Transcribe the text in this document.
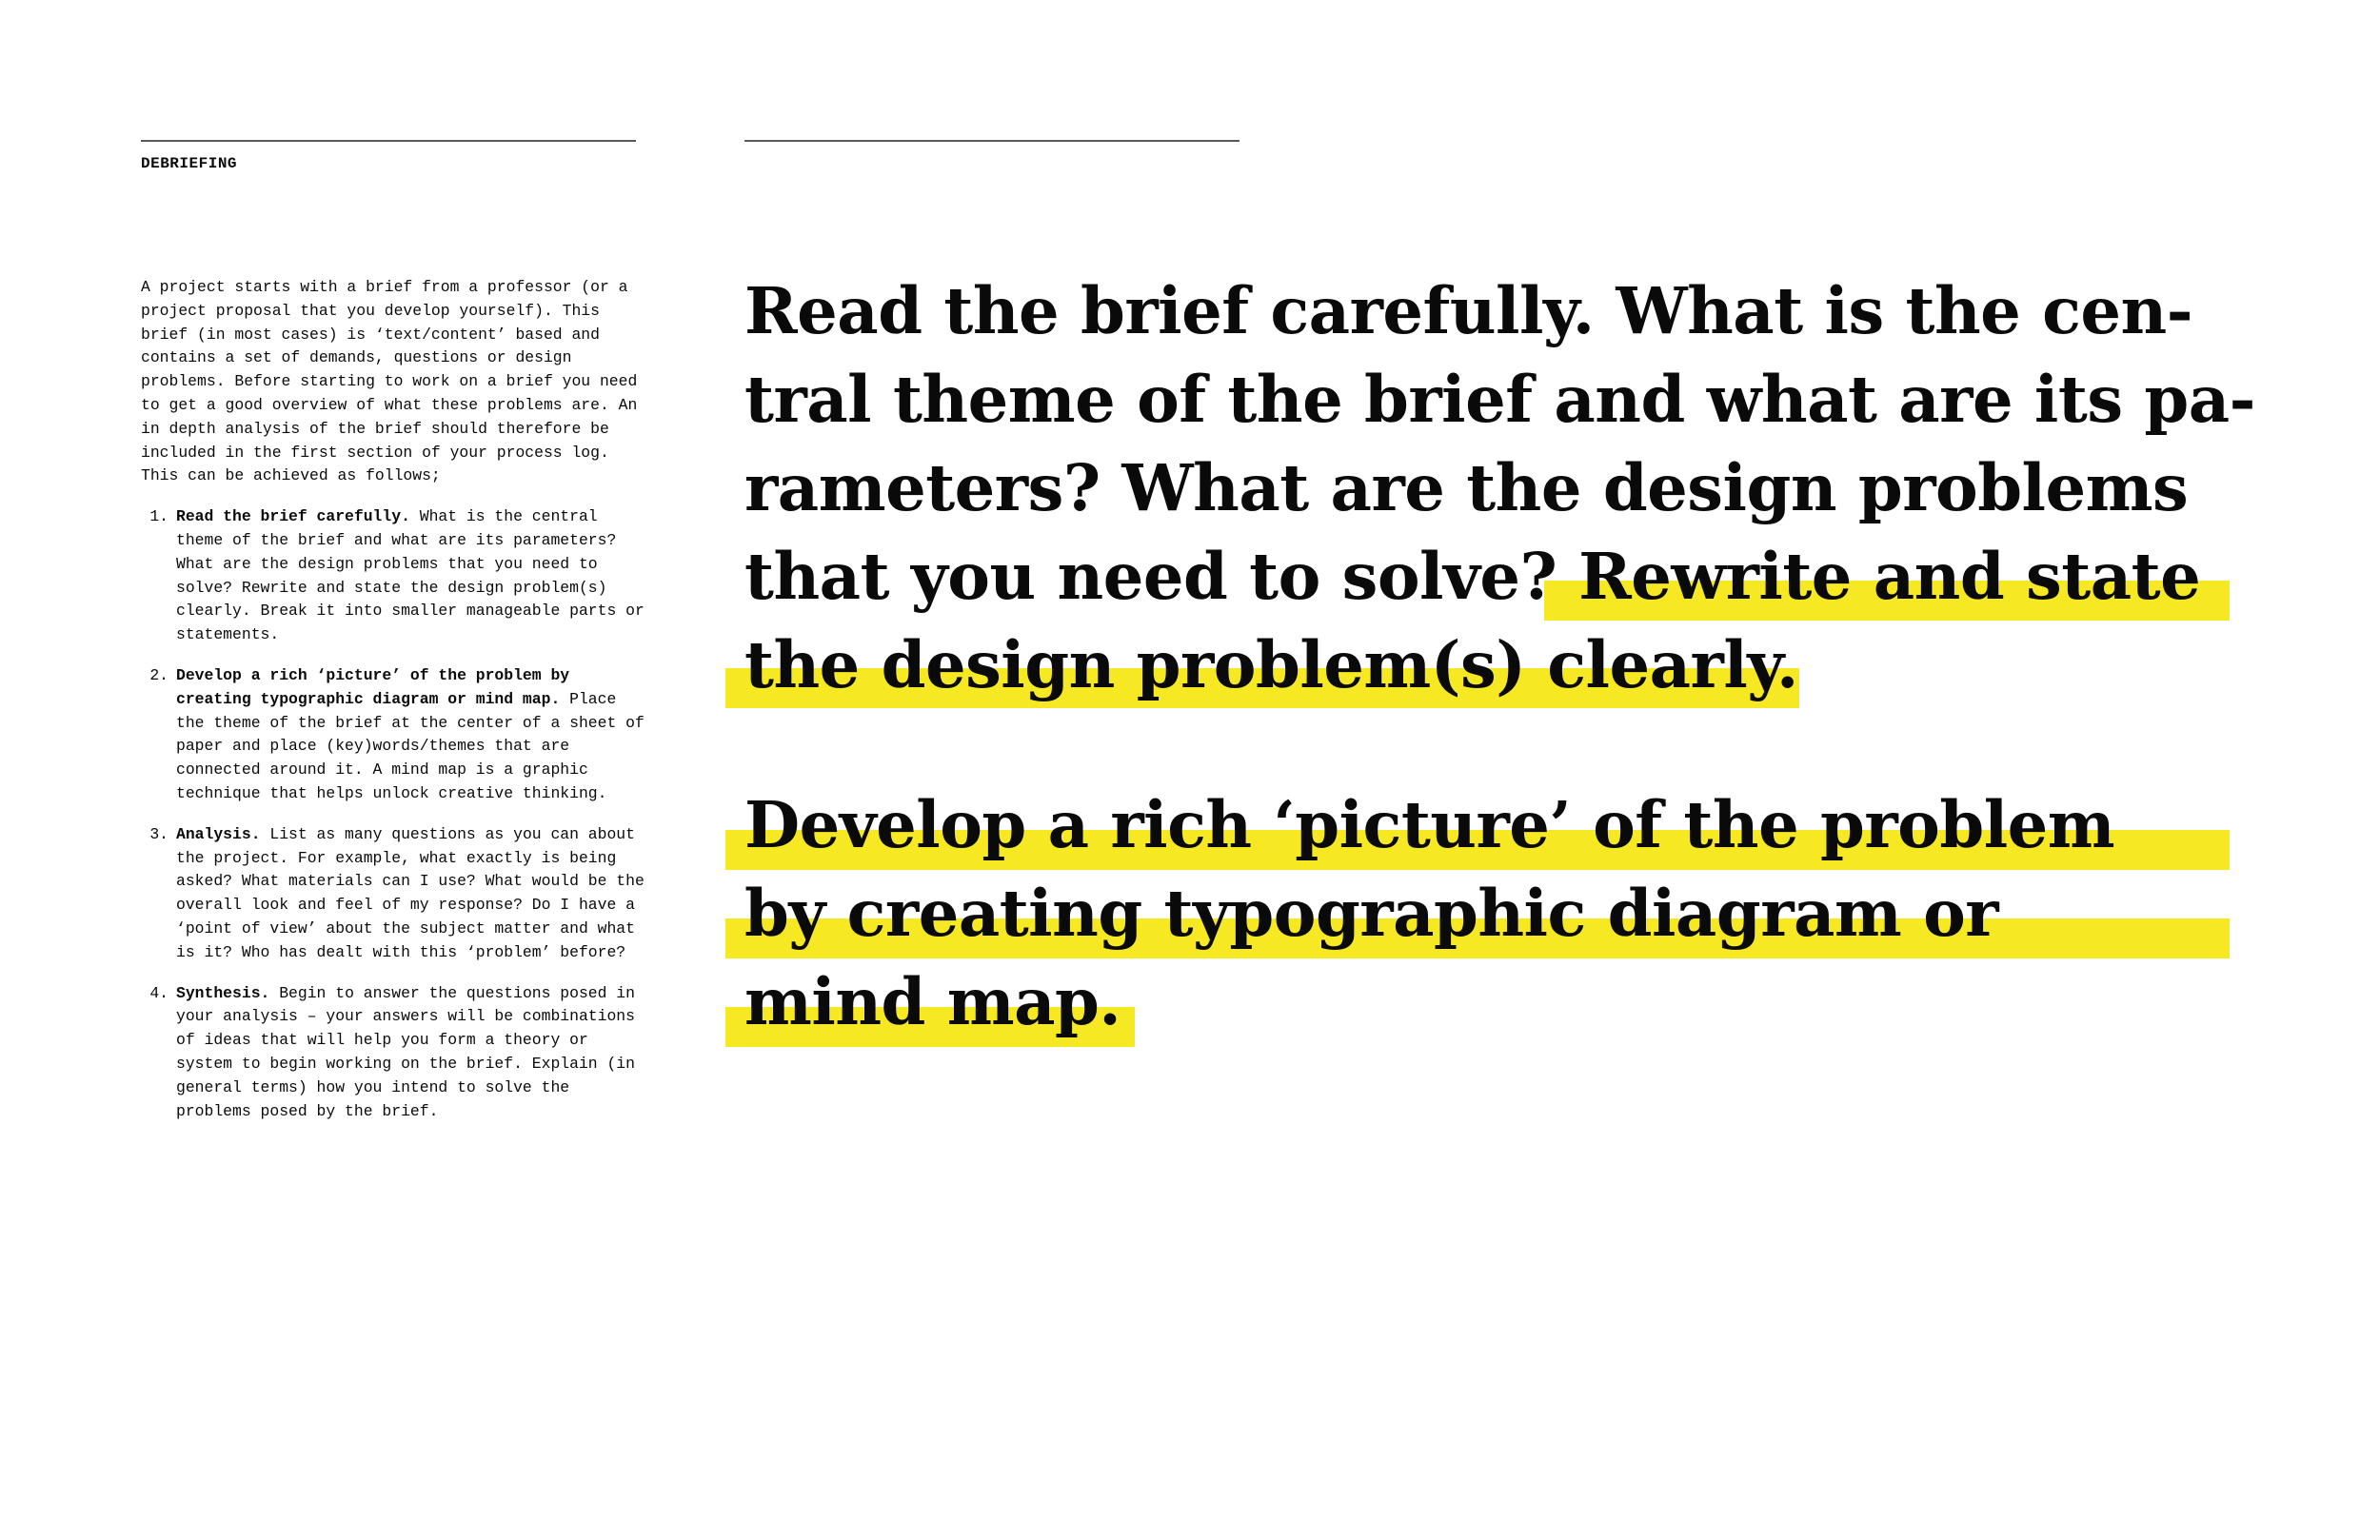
DEBRIEFING

A project starts with a brief from a professor (or a project proposal that you develop yourself). This brief (in most cases) is ‘text/content’ based and contains a set of demands, questions or design problems. Before starting to work on a brief you need to get a good overview of what these problems are. An in depth analysis of the brief should therefore be included in the first section of your process log. This can be achieved as follows;

1. Read the brief carefully. What is the central theme of the brief and what are its parameters? What are the design problems that you need to solve? Rewrite and state the design problem(s) clearly. Break it into smaller manageable parts or statements.
2. Develop a rich ‘picture’ of the problem by creating typographic diagram or mind map. Place the theme of the brief at the center of a sheet of paper and place (key)words/themes that are connected around it. A mind map is a graphic technique that helps unlock creative thinking.
3. Analysis. List as many questions as you can about the project. For example, what exactly is being asked? What materials can I use? What would be the overall look and feel of my response? Do I have a ‘point of view’ about the subject matter and what is it? Who has dealt with this ‘problem’ before?
4. Synthesis. Begin to answer the questions posed in your analysis – your answers will be combinations of ideas that will help you form a theory or system to begin working on the brief. Explain (in general terms) how you intend to solve the problems posed by the brief.
Read the brief carefully. What is the cen-
tral theme of the brief and what are its pa-
rameters? What are the design problems
that you need to solve? Rewrite and state
the design problem(s) clearly.
Develop a rich ‘picture’ of the problem
by creating typographic diagram or
mind map.
